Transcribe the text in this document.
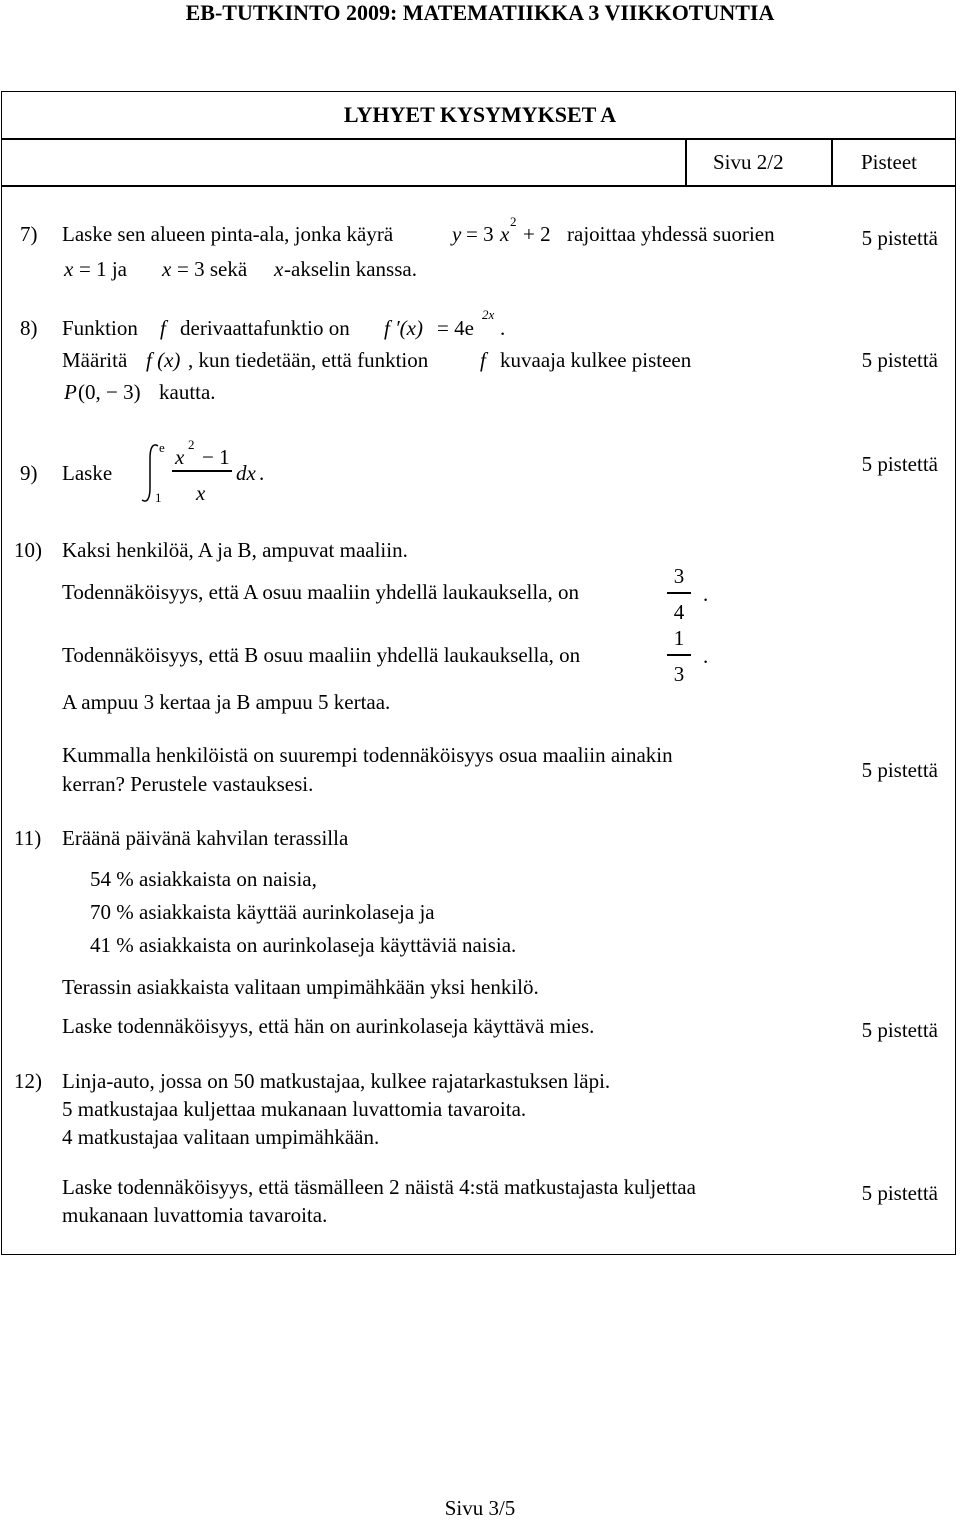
EB-TUTKINTO 2009: MATEMATIIKKA 3 VIIKKOTUNTIA
LYHYET KYSYMYKSET A
Sivu 2/2	Pisteet
7) Laske sen alueen pinta-ala, jonka käyrä	y = 3 x
2
+ 2 rajoittaa yhdessä suorien
x = 1 ja x = 3 sekä x -akselin kanssa.
5 pistettä
8) Funktion f derivaattafunktio on f ′(x) = 4e
2x
.
Määritä f (x) , kun tiedetään, että funktion f kuvaaja kulkee pisteen
P (0, − 3) kautta.
5 pistettä
9) Laske
e
1
x
2
− 1
x
dx .	5 pistettä
10) Kaksi henkilöä, A ja B, ampuvat maaliin.
Todennäköisyys, että A osuu maaliin yhdellä laukauksella, on
3
4
.
Todennäköisyys, että B osuu maaliin yhdellä laukauksella, on
1
3
.
A ampuu 3 kertaa ja B ampuu 5 kertaa.
Kummalla henkilöistä on suurempi todennäköisyys osua maaliin ainakin
kerran? Perustele vastauksesi.
5 pistettä
11) Eräänä päivänä kahvilan terassilla
54 % asiakkaista on naisia,
70 % asiakkaista käyttää aurinkolaseja ja
41 % asiakkaista on aurinkolaseja käyttäviä naisia.
Terassin asiakkaista valitaan umpimähkään yksi henkilö.
Laske todennäköisyys, että hän on aurinkolaseja käyttävä mies.	5 pistettä
12) Linja-auto, jossa on 50 matkustajaa, kulkee rajatarkastuksen läpi.
5 matkustajaa kuljettaa mukanaan luvattomia tavaroita.
4 matkustajaa valitaan umpimähkään.
Laske todennäköisyys, että täsmälleen 2 näistä 4:stä matkustajasta kuljettaa
mukanaan luvattomia tavaroita.
5 pistettä
Sivu 3/5
